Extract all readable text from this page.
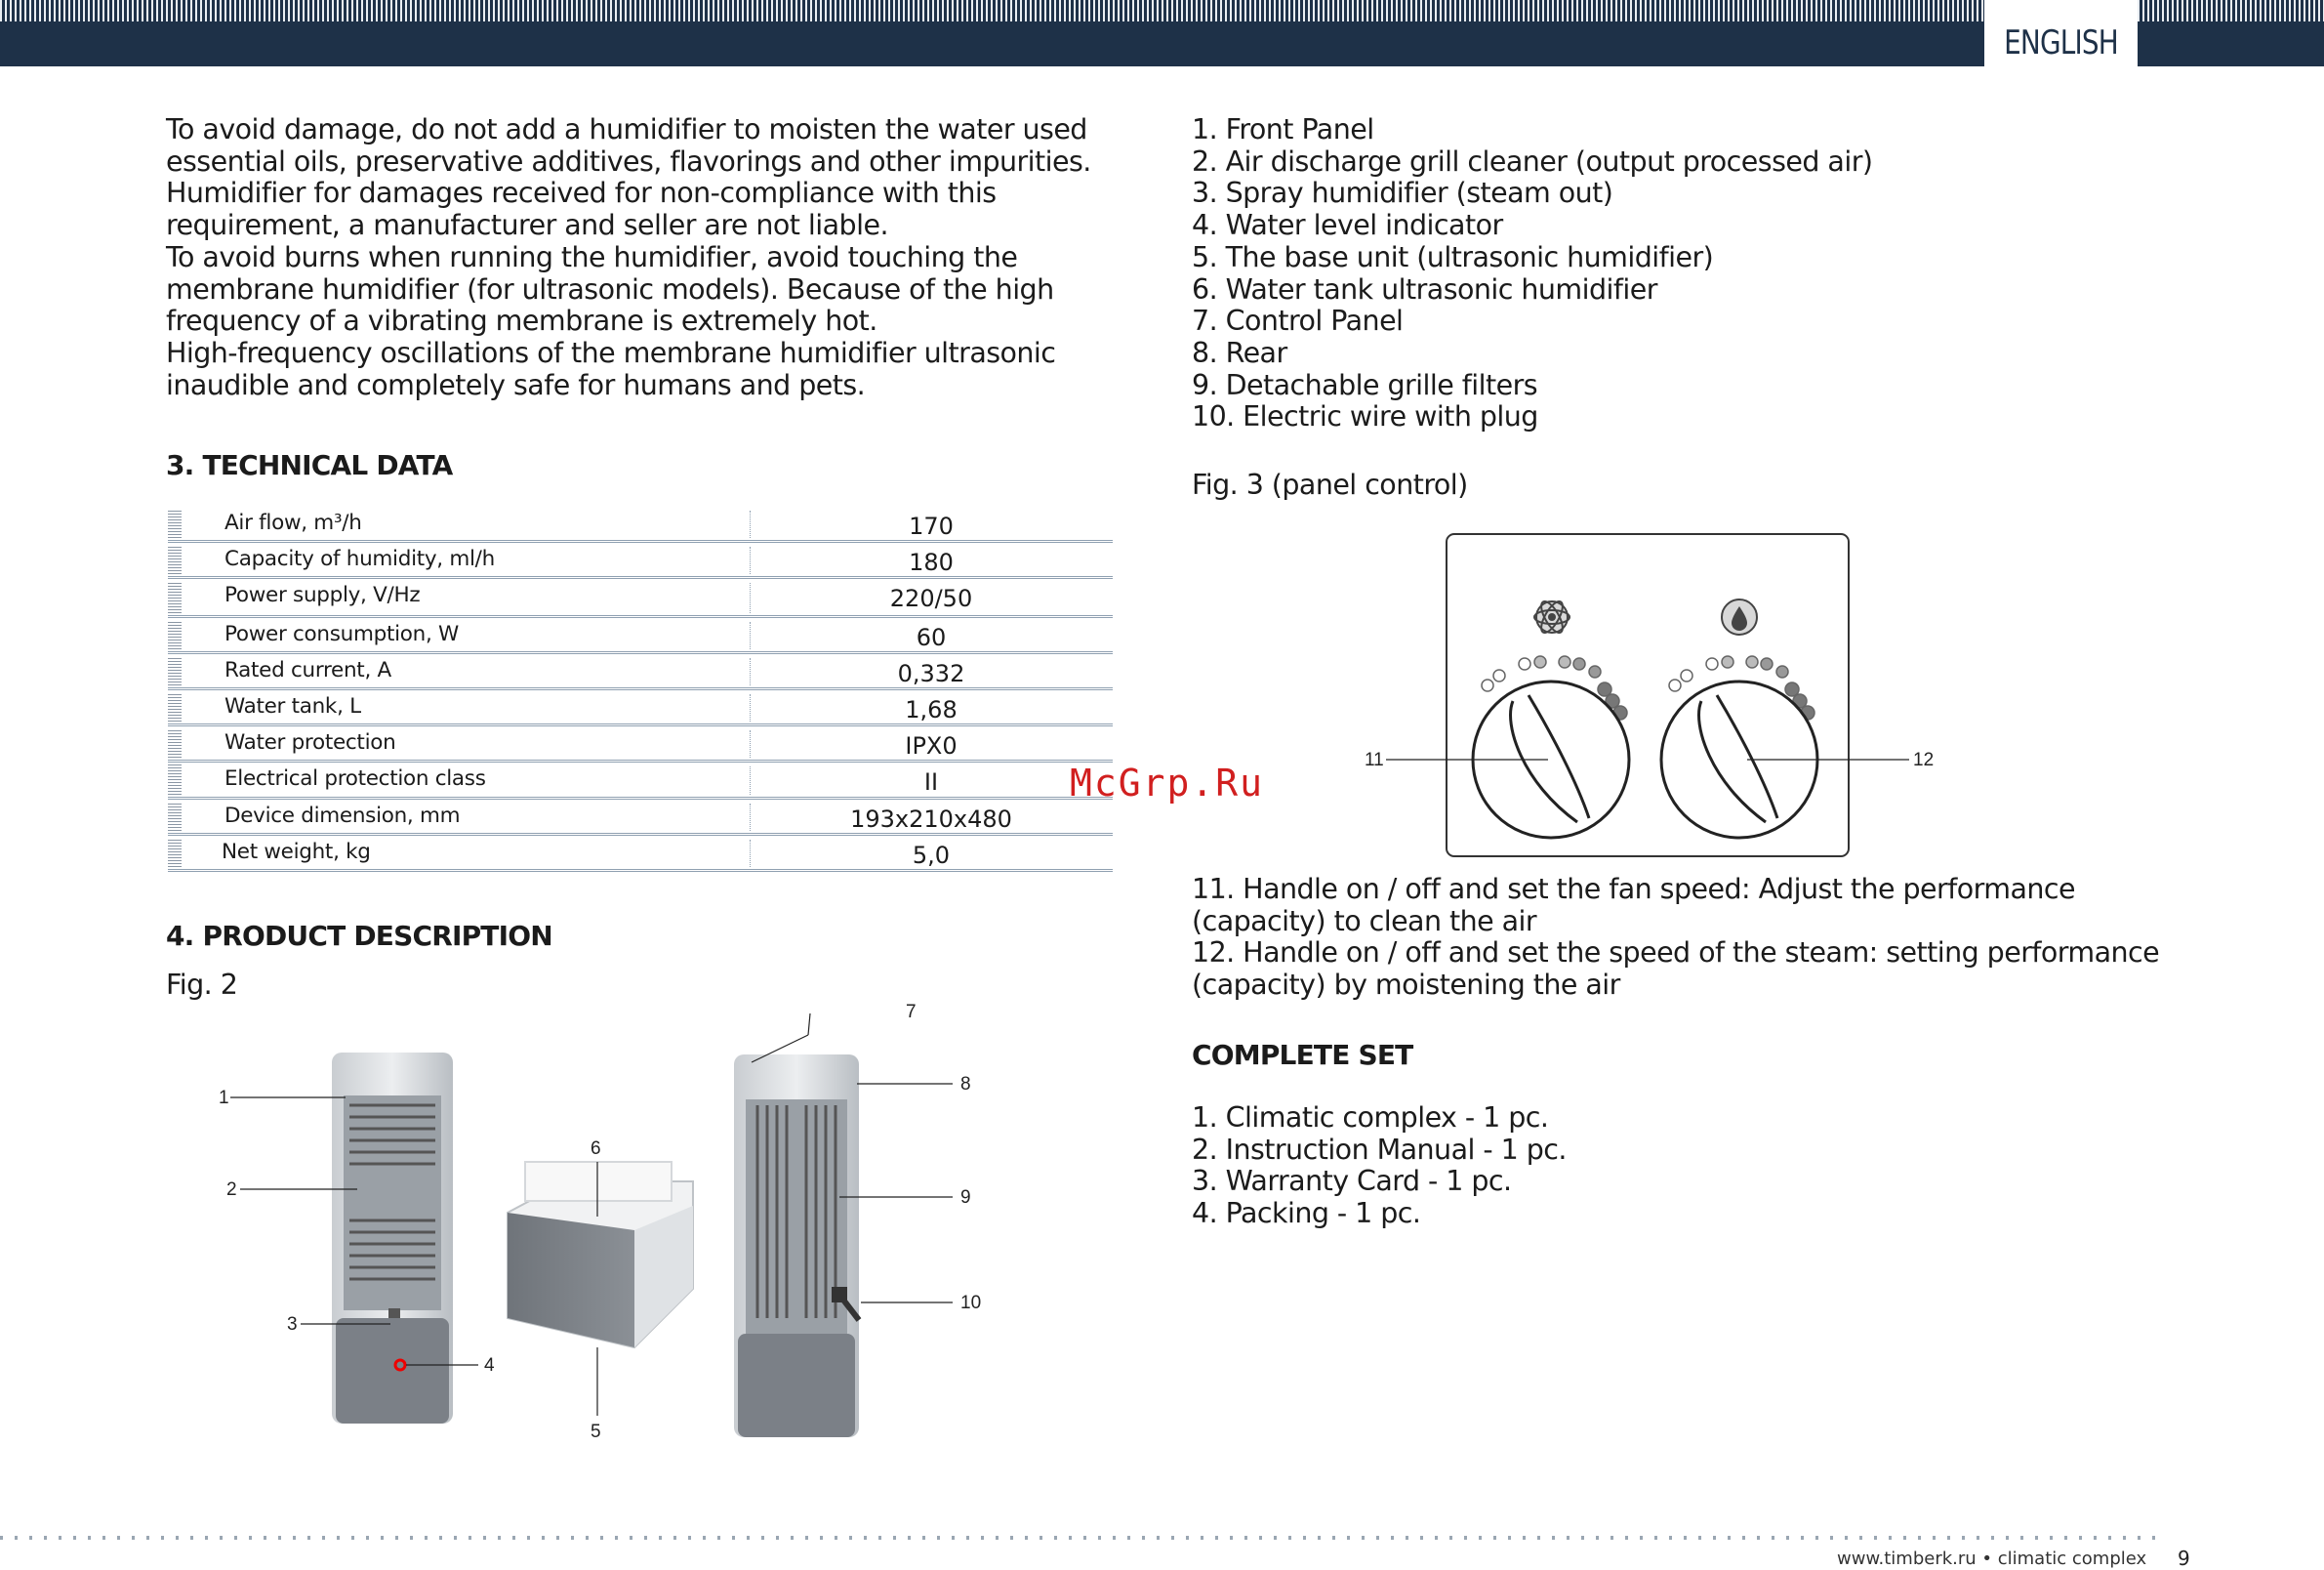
ENGLISH

To avoid damage, do not add a humidifier to moisten the water used

essential oils, preservative additives, flavorings and other impurities.

Humidifier for damages received for non-compliance with this

requirement, a manufacturer and seller are not liable.

To avoid burns when running the humidifier, avoid touching the

membrane humidifier (for ultrasonic models). Because of the high

frequency of a vibrating membrane is extremely hot.

High-frequency oscillations of the membrane humidifier ultrasonic

inaudible and completely safe for humans and pets.

3. TECHNICAL DATA
Air flow, m³/h	170
Capacity of humidity, ml/h	180
Power supply, V/Hz	220/50
Power consumption, W	60
Rated current, A	0,332
Water tank, L	1,68
Water protection	IPX0
Electrical protection class	II
Device dimension, mm	193x210x480
Net weight, kg	5,0
4. PRODUCT DESCRIPTION
Fig. 2
1
2
3
4
5
6
7
8
9
10

1. Front Panel

2. Air discharge grill cleaner (output processed air)

3. Spray humidifier (steam out)

4. Water level indicator

5. The base unit (ultrasonic humidifier)

6. Water tank ultrasonic humidifier

7. Control Panel

8. Rear

9. Detachable grille filters

10. Electric wire with plug

Fig. 3 (panel control)
11	12
McGrp.Ru

11. Handle on / off and set the fan speed: Adjust the performance

(capacity) to clean the air

12. Handle on / off and set the speed of the steam: setting performance

(capacity) by moistening the air

COMPLETE SET

1. Climatic complex - 1 pc.

2. Instruction Manual - 1 pc.

3. Warranty Card - 1 pc.

4. Packing - 1 pc.

www.timberk.ru • climatic complex 9
